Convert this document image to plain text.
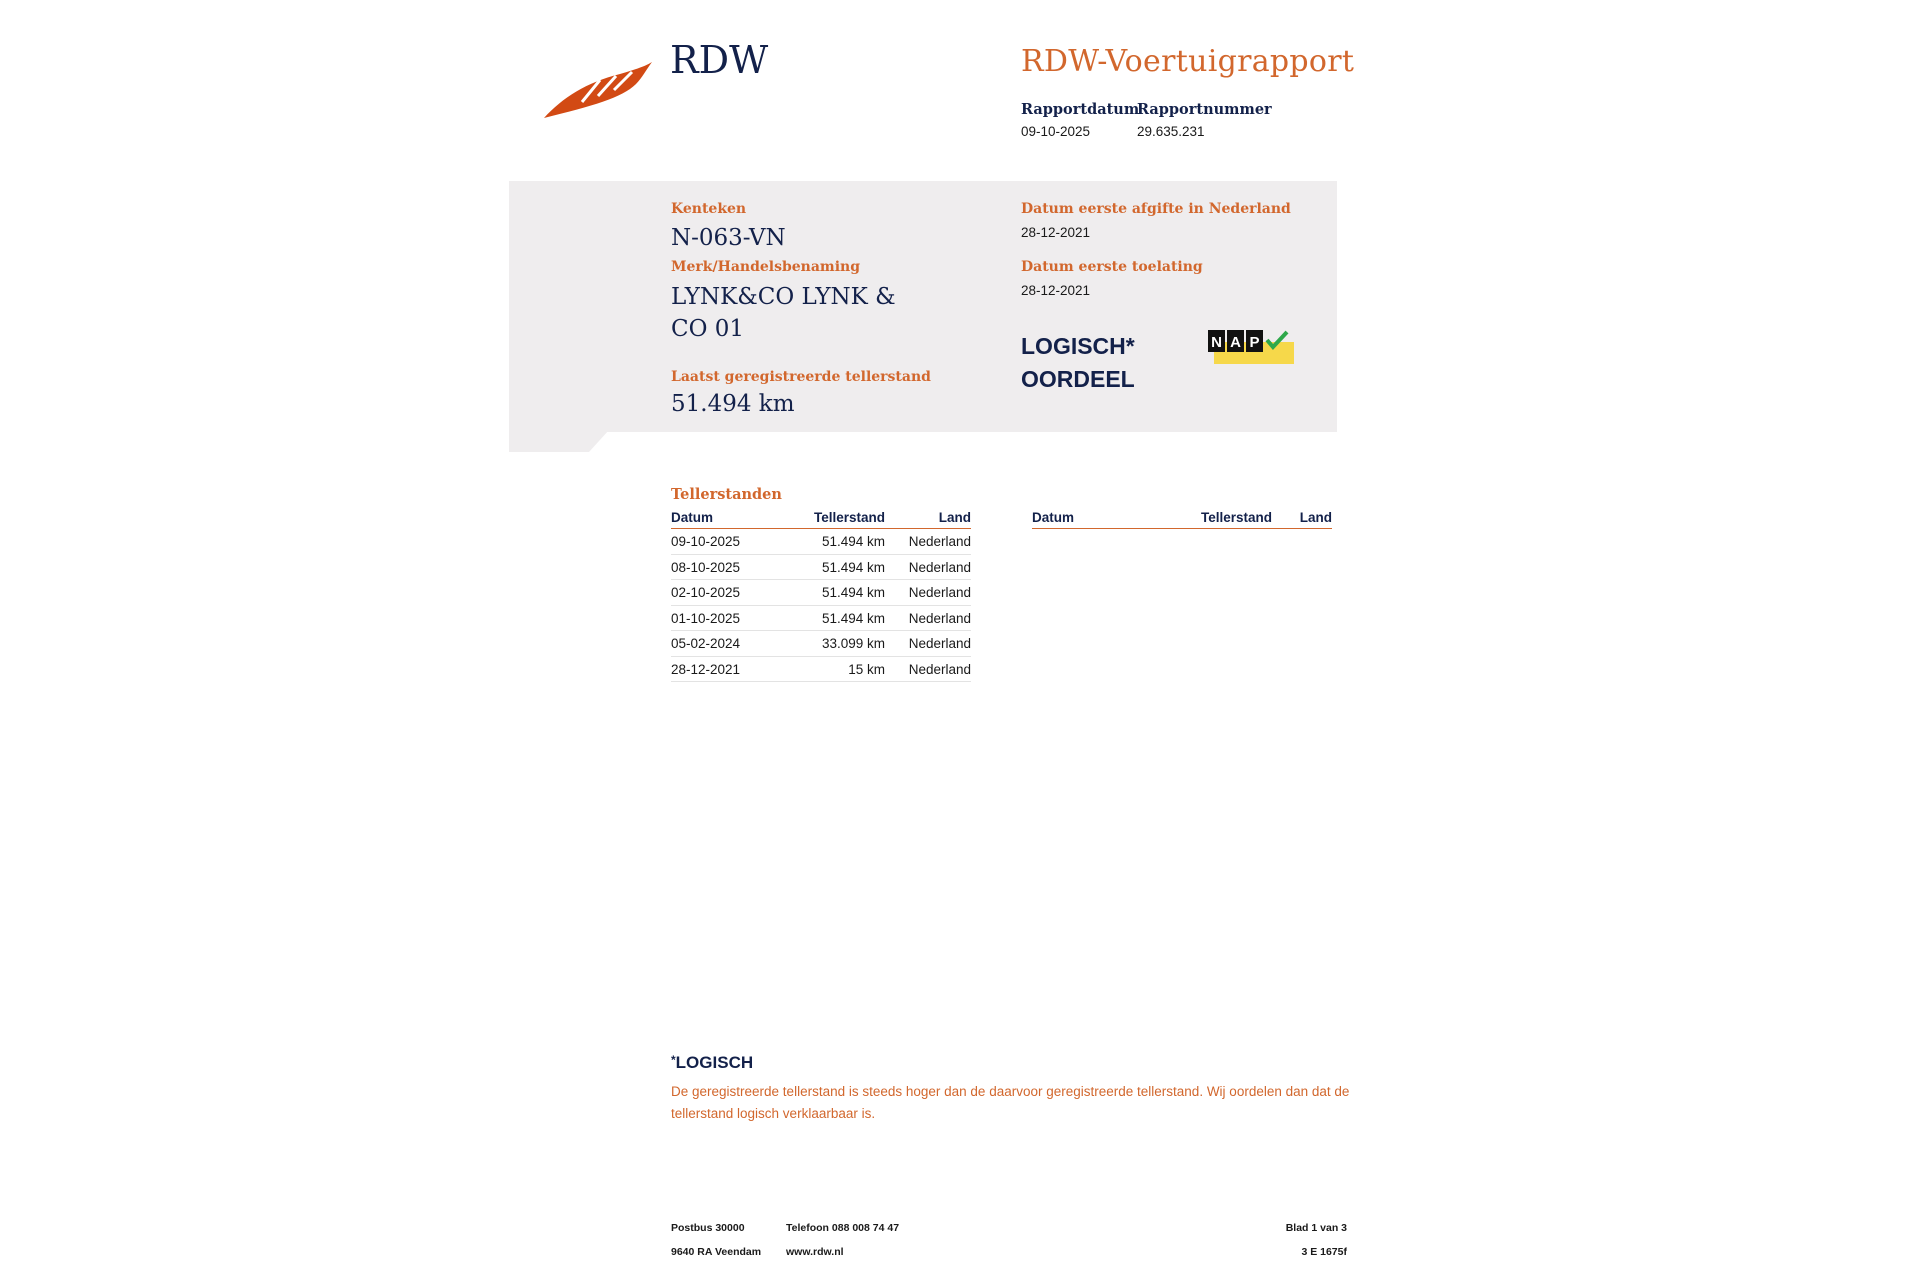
RDW	RDW-Voertuigrapport
Rapportdatum
09-10-2025
Rapportnummer
29.635.231
Kenteken
N-063-VN
Merk/Handelsbenaming
LYNK&CO LYNK &
CO 01
Laatst geregistreerde tellerstand
51.494 km
Datum eerste afgifte in Nederland
28-12-2021
Datum eerste toelating
28-12-2021
LOGISCH*
OORDEEL
N A P
Tellerstanden
Datum	Tellerstand	Land
09-10-2025	51.494 km	Nederland
08-10-2025	51.494 km	Nederland
02-10-2025	51.494 km	Nederland
01-10-2025	51.494 km	Nederland
05-02-2024	33.099 km	Nederland
28-12-2021	15 km	Nederland
Datum	Tellerstand	Land
*LOGISCH
De geregistreerde tellerstand is steeds hoger dan de daarvoor geregistreerde tellerstand. Wij oordelen dan dat de tellerstand logisch verklaarbaar is.
Postbus 30000
9640 RA Veendam
Telefoon 088 008 74 47
www.rdw.nl
Blad 1 van 3
3 E 1675f
